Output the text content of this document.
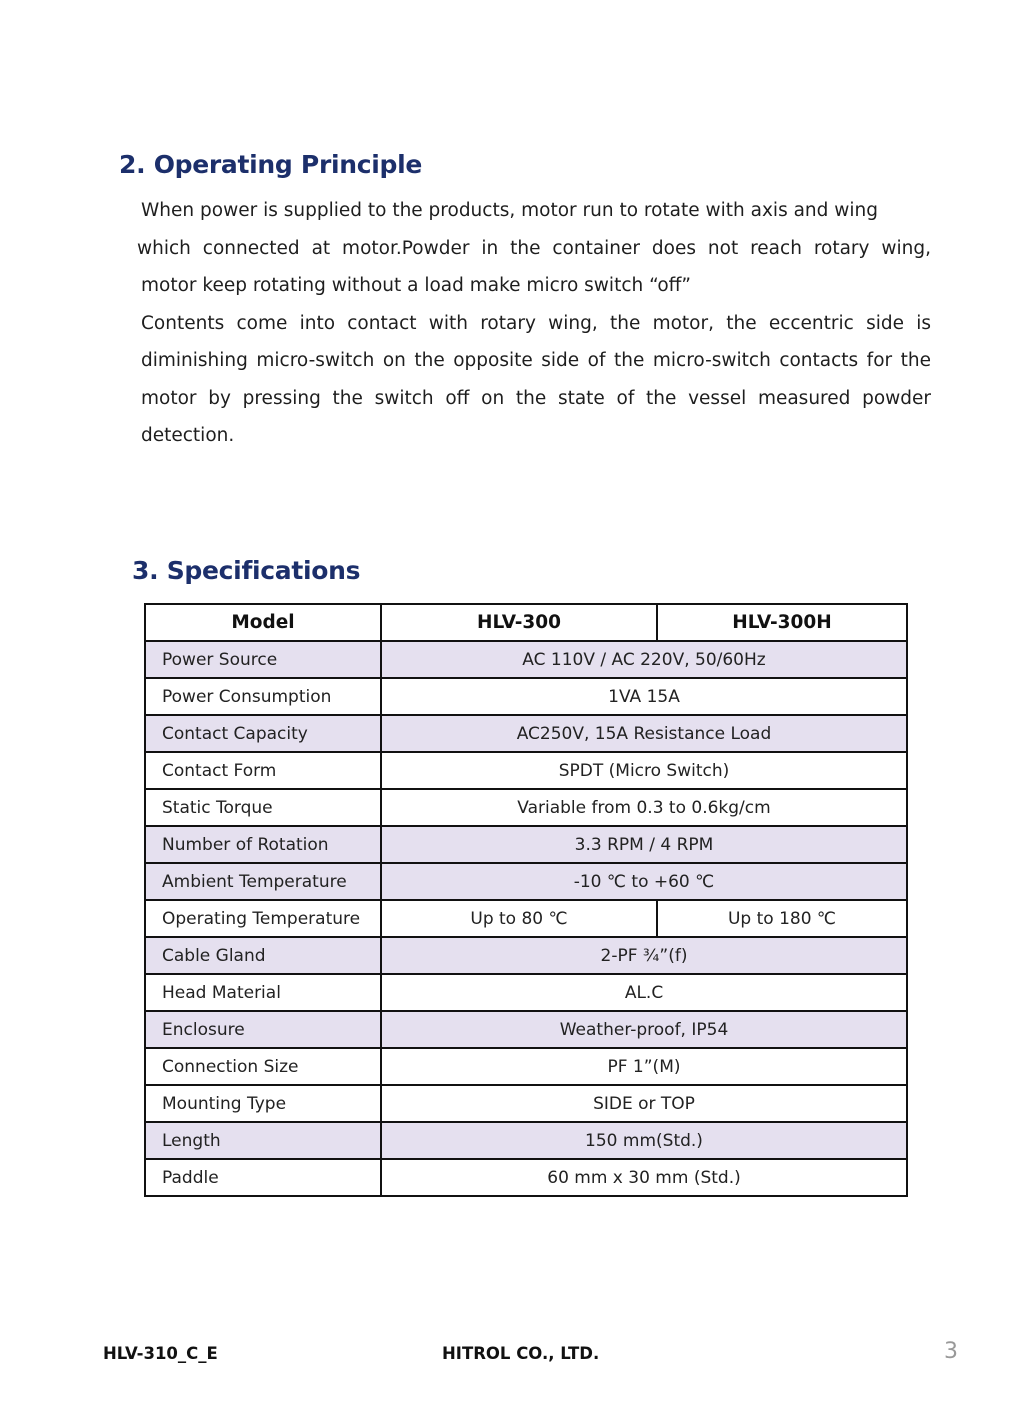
2. Operating Principle
When power is supplied to the products, motor run to rotate with axis and wing
which connected at motor.Powder in the container does not reach rotary wing,
motor keep rotating without a load make micro switch “off”
Contents come into contact with rotary wing, the motor, the eccentric side is
diminishing micro-switch on the opposite side of the micro-switch contacts for the
motor by pressing the switch off on the state of the vessel measured powder
detection.
3. Specifications
Model	HLV-300	HLV-300H
Power Source	AC 110V / AC 220V, 50/60Hz	
Power Consumption	1VA 15A	
Contact Capacity	AC250V, 15A Resistance Load	
Contact Form	SPDT (Micro Switch)	
Static Torque	Variable from 0.3 to 0.6kg/cm	
Number of Rotation	3.3 RPM / 4 RPM	
Ambient Temperature	-10 ℃ to +60 ℃	
Operating Temperature	Up to 80 ℃	Up to 180 ℃
Cable Gland	2-PF ¾”(f)	
Head Material	AL.C	
Enclosure	Weather-proof, IP54	
Connection Size	PF 1”(M)	
Mounting Type	SIDE or TOP	
Length	150 mm(Std.)	
Paddle	60 mm x 30 mm (Std.)	
HLV-310_C_E	HITROL CO., LTD.	3
